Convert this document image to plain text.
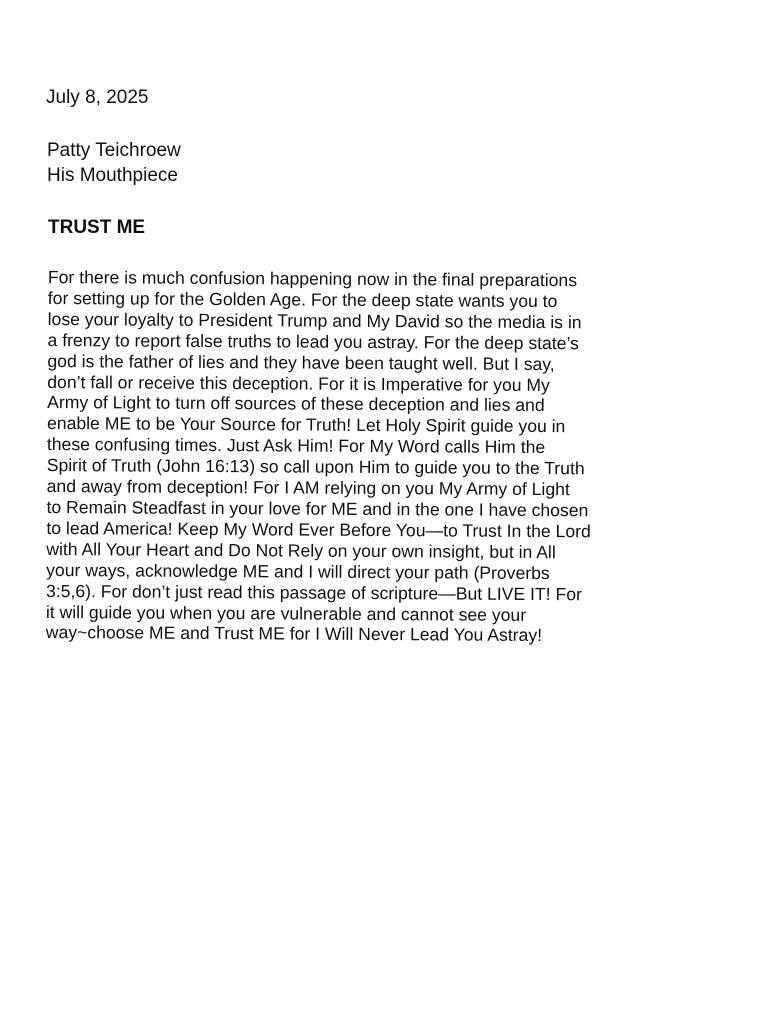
July 8, 2025
Patty Teichroew
His Mouthpiece
TRUST ME
For there is much confusion happening now in the final preparations
for setting up for the Golden Age. For the deep state wants you to
lose your loyalty to President Trump and My David so the media is in
a frenzy to report false truths to lead you astray. For the deep state’s
god is the father of lies and they have been taught well. But I say,
don’t fall or receive this deception. For it is Imperative for you My
Army of Light to turn off sources of these deception and lies and
enable ME to be Your Source for Truth! Let Holy Spirit guide you in
these confusing times. Just Ask Him! For My Word calls Him the
Spirit of Truth (John 16:13) so call upon Him to guide you to the Truth
and away from deception! For I AM relying on you My Army of Light
to Remain Steadfast in your love for ME and in the one I have chosen
to lead America! Keep My Word Ever Before You—to Trust In the Lord
with All Your Heart and Do Not Rely on your own insight, but in All
your ways, acknowledge ME and I will direct your path (Proverbs
3:5,6). For don’t just read this passage of scripture—But LIVE IT! For
it will guide you when you are vulnerable and cannot see your
way~choose ME and Trust ME for I Will Never Lead You Astray!
